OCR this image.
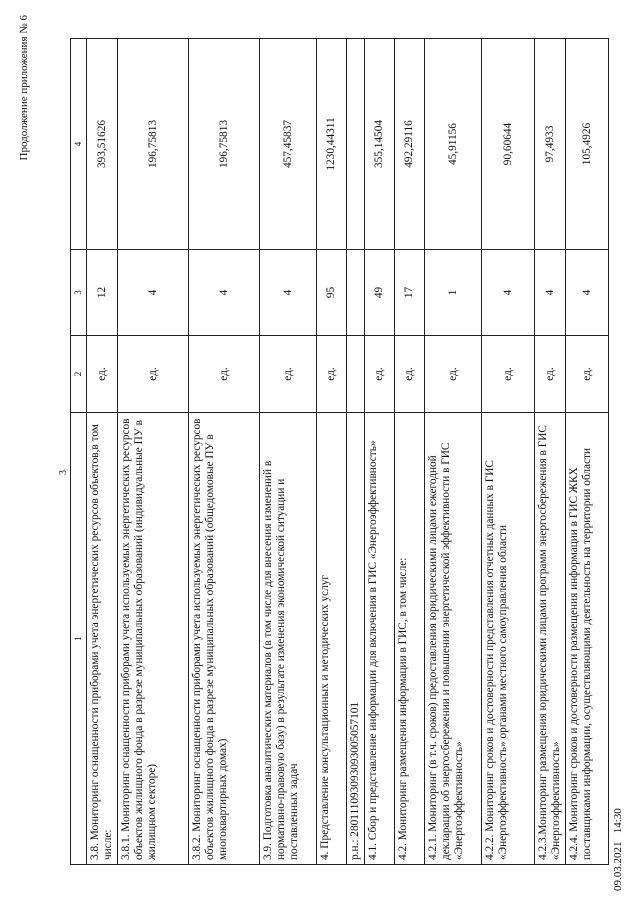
Продолжение приложения № 6
3
1	2	3	4
3.8. Мониторинг оснащенности приборами учета энергетических ресурсов объектов,в том числе:	ед.	12	393,51626
3.8.1. Мониторинг оснащенности приборами учета используемых энергетических ресурсов объектов жилищного фонда в разрезе муниципальных образований (индивидуальные ПУ в жилищном секторе)	ед.	4	196,75813
3.8.2. Мониторинг оснащенности приборами учета используемых энергетических ресурсов объектов жилищного фонда в разрезе муниципальных образований (общедомовые ПУ в многоквартирных домах)	ед.	4	196,75813
3.9. Подготовка аналитических материалов (в том числе для внесения изменений в нормативно-правовую базу) в результате изменения экономической ситуации и поставленных задач	ед.	4	457,45837
4. Представление консультационных и методических услуг	ед.	95	1230,44311
р.н.: 280111093093093005057101			
4.1. Сбор и представление информации для включения в ГИС «Энергоэффективность»	ед.	49	355,14504
4.2. Мониторинг размещения информации в ГИС, в том числе:	ед.	17	492,29116
4.2.1. Мониторинг (в т.ч. сроков) предоставления юридическими лицами ежегодной декларации об энергосбережении и повышении энергетической эффективности в ГИС «Энергоэффективность»	ед.	1	45,91156
4.2.2. Мониторинг сроков и достоверности представления отчетных данных в ГИС «Энергоэффективность» органами местного самоуправления области	ед.	4	90,60644
4.2.3.Мониторинг размещения юридическими лицами программ энергосбережения в ГИС «Энергоэффективность»	ед.	4	97,4933
4.2.4. Мониторинг сроков и достоверности размещения информации в ГИС ЖКХ поставщиками информации, осуществляющими деятельность на территории области	ед.	4	105,4926
09.03.2021   14:30
